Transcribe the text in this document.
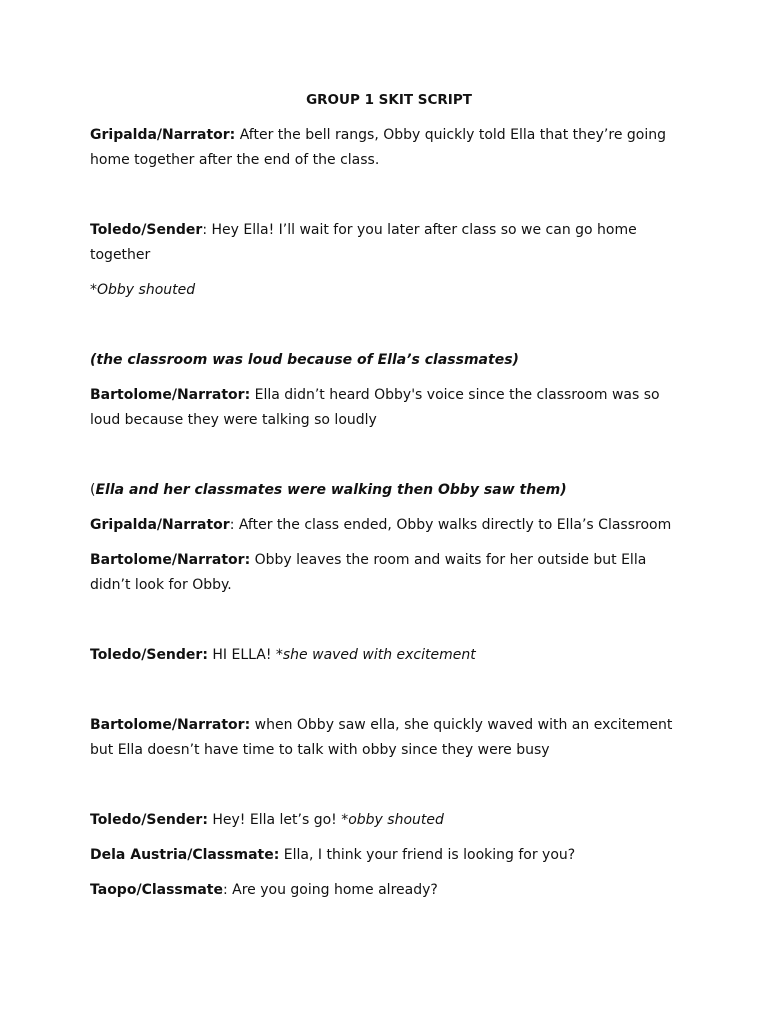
GROUP 1 SKIT SCRIPT

Gripalda/Narrator: After the bell rangs, Obby quickly told Ella that they’re going home together after the end of the class.

Toledo/Sender: Hey Ella! I’ll wait for you later after class so we can go home together

*Obby shouted

(the classroom was loud because of Ella’s classmates)

Bartolome/Narrator: Ella didn’t heard Obby's voice since the classroom was so loud because they were talking so loudly

(Ella and her classmates were walking then Obby saw them)

Gripalda/Narrator: After the class ended, Obby walks directly to Ella’s Classroom

Bartolome/Narrator: Obby leaves the room and waits for her outside but Ella didn’t look for Obby.

Toledo/Sender: HI ELLA! *she waved with excitement

Bartolome/Narrator: when Obby saw ella, she quickly waved with an excitement but Ella doesn’t have time to talk with obby since they were busy

Toledo/Sender: Hey! Ella let’s go! *obby shouted

Dela Austria/Classmate: Ella, I think your friend is looking for you?

Taopo/Classmate: Are you going home already?
